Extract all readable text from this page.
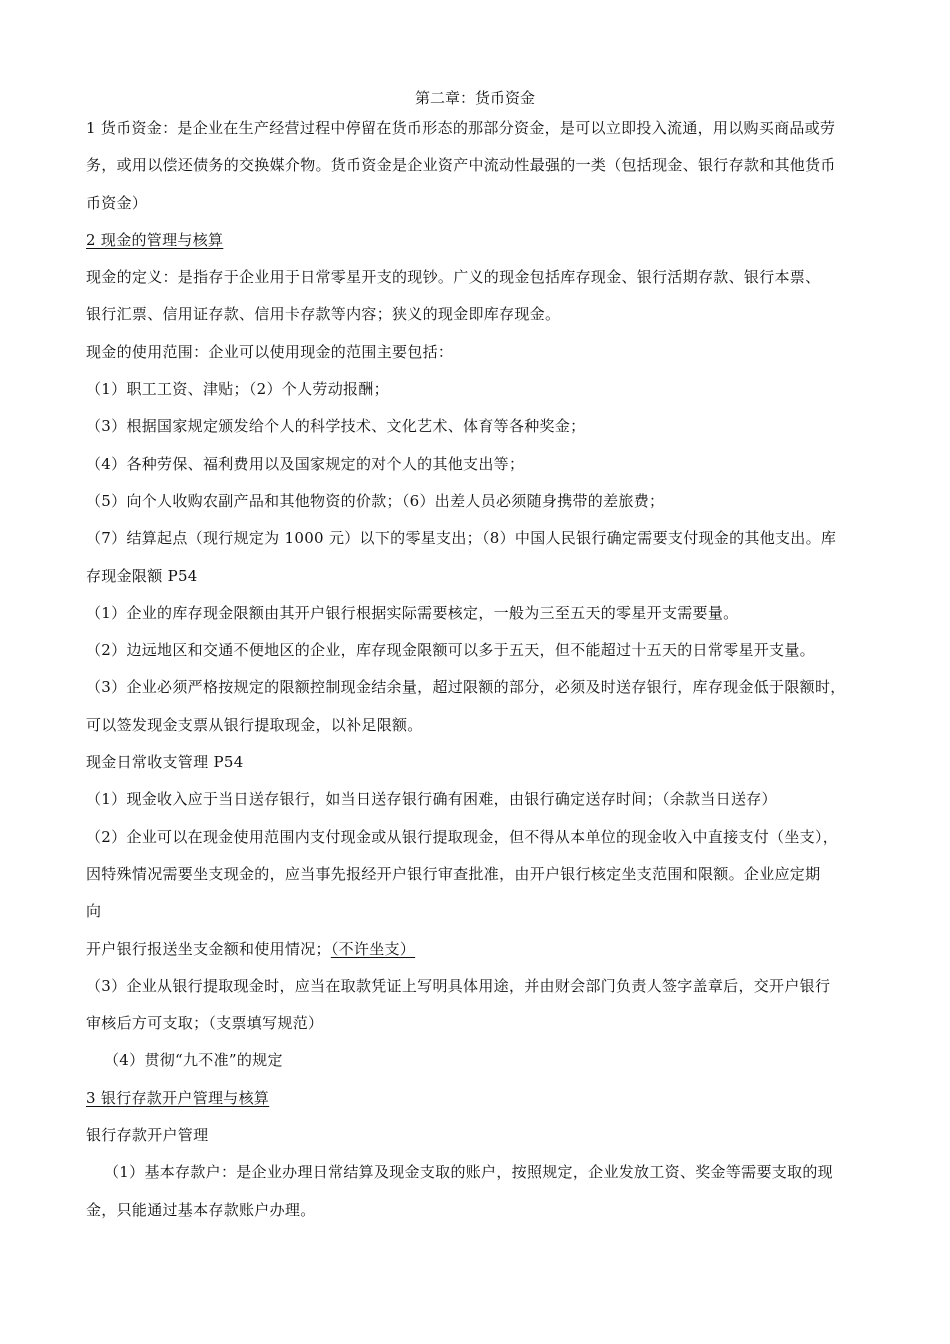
第二章：货币资金
1 货币资金：是企业在生产经营过程中停留在货币形态的那部分资金，是可以立即投入流通，用以购买商品或劳
务，或用以偿还债务的交换媒介物。货币资金是企业资产中流动性最强的一类（包括现金、银行存款和其他货币
币资金）
2 现金的管理与核算
现金的定义：是指存于企业用于日常零星开支的现钞。广义的现金包括库存现金、银行活期存款、银行本票、
银行汇票、信用证存款、信用卡存款等内容；狭义的现金即库存现金。
现金的使用范围：企业可以使用现金的范围主要包括：
（1）职工工资、津贴；（2）个人劳动报酬；
（3）根据国家规定颁发给个人的科学技术、文化艺术、体育等各种奖金；
（4）各种劳保、福利费用以及国家规定的对个人的其他支出等；
（5）向个人收购农副产品和其他物资的价款；（6）出差人员必须随身携带的差旅费；
（7）结算起点（现行规定为 1000 元）以下的零星支出；（8）中国人民银行确定需要支付现金的其他支出。库
存现金限额 P54
（1）企业的库存现金限额由其开户银行根据实际需要核定，一般为三至五天的零星开支需要量。
（2）边远地区和交通不便地区的企业，库存现金限额可以多于五天，但不能超过十五天的日常零星开支量。
（3）企业必须严格按规定的限额控制现金结余量，超过限额的部分，必须及时送存银行，库存现金低于限额时，
可以签发现金支票从银行提取现金，以补足限额。
现金日常收支管理 P54
（1）现金收入应于当日送存银行，如当日送存银行确有困难，由银行确定送存时间；（余款当日送存）
（2）企业可以在现金使用范围内支付现金或从银行提取现金，但不得从本单位的现金收入中直接支付（坐支），
因特殊情况需要坐支现金的，应当事先报经开户银行审查批准，由开户银行核定坐支范围和限额。企业应定期
向
开户银行报送坐支金额和使用情况；（不许坐支）
（3）企业从银行提取现金时，应当在取款凭证上写明具体用途，并由财会部门负责人签字盖章后，交开户银行
审核后方可支取；（支票填写规范）
（4）贯彻“九不准”的规定
3 银行存款开户管理与核算
银行存款开户管理
（1）基本存款户：是企业办理日常结算及现金支取的账户，按照规定，企业发放工资、奖金等需要支取的现
金，只能通过基本存款账户办理。
